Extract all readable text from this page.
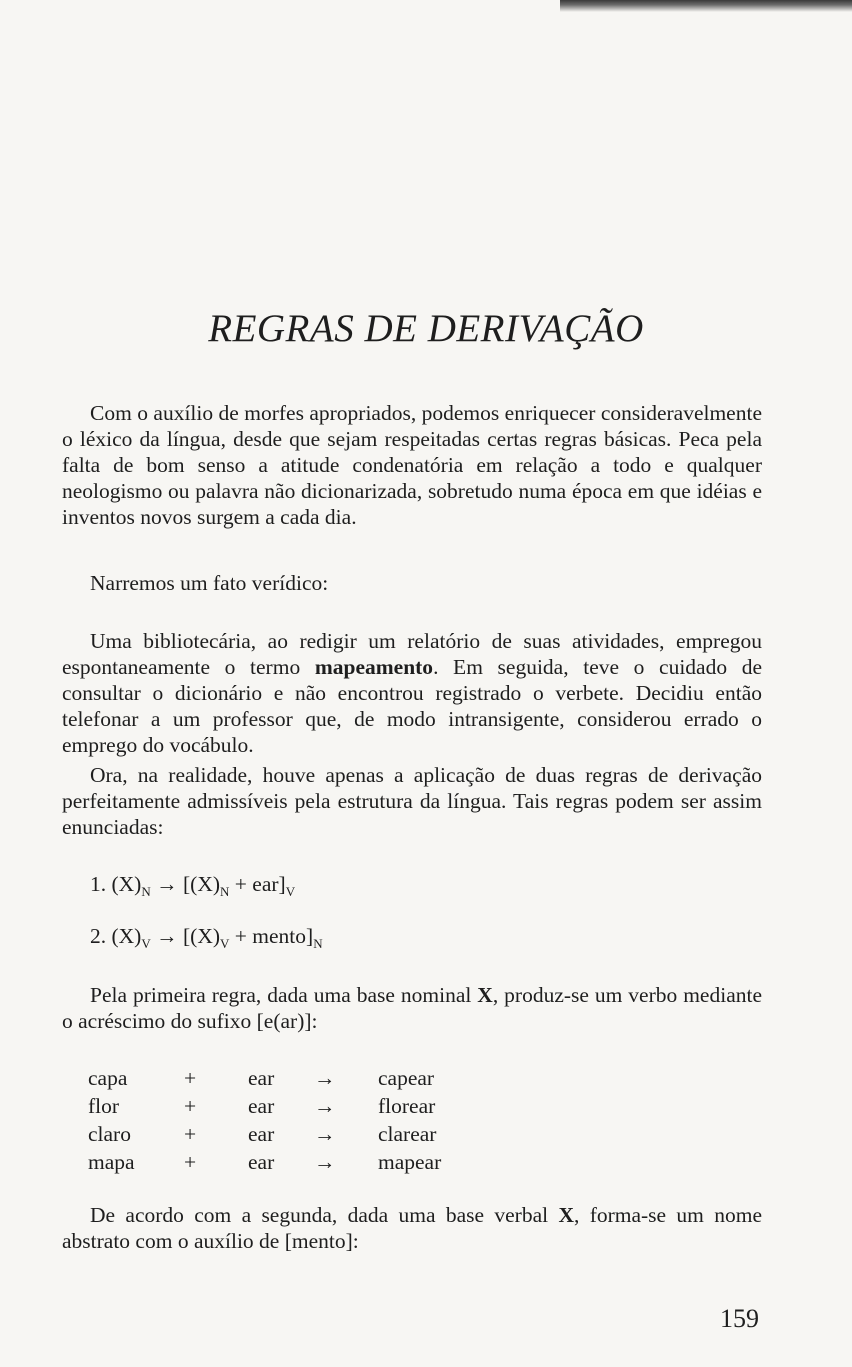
REGRAS DE DERIVAÇÃO

Com o auxílio de morfes apropriados, podemos enriquecer consideravelmente o léxico da língua, desde que sejam respeitadas certas regras básicas. Peca pela falta de bom senso a atitude condenatória em relação a todo e qualquer neologismo ou palavra não dicionarizada, sobretudo numa época em que idéias e inventos novos surgem a cada dia.

Narremos um fato verídico:

Uma bibliotecária, ao redigir um relatório de suas atividades, empregou espontaneamente o termo mapeamento. Em seguida, teve o cuidado de consultar o dicionário e não encontrou registrado o verbete. Decidiu então telefonar a um professor que, de modo intransigente, considerou errado o emprego do vocábulo.

Ora, na realidade, houve apenas a aplicação de duas regras de derivação perfeitamente admissíveis pela estrutura da língua. Tais regras podem ser assim enunciadas:

1. $(X)_N \to [(X)_N + ear]_V$
2. $(X)_V \to [(X)_V$ + $mento]_N$

Pela primeira regra, dada uma base nominal X, produz-se um verbo mediante o acréscimo do sufixo [e(ar)]:

capa	+	ear	→	capear
flor	+	ear	→	florear
claro	+	ear	→	clarear
mapa	+	ear	→	mapear

De acordo com a segunda, dada uma base verbal X, forma-se um nome abstrato com o auxílio de [mento]:

159
